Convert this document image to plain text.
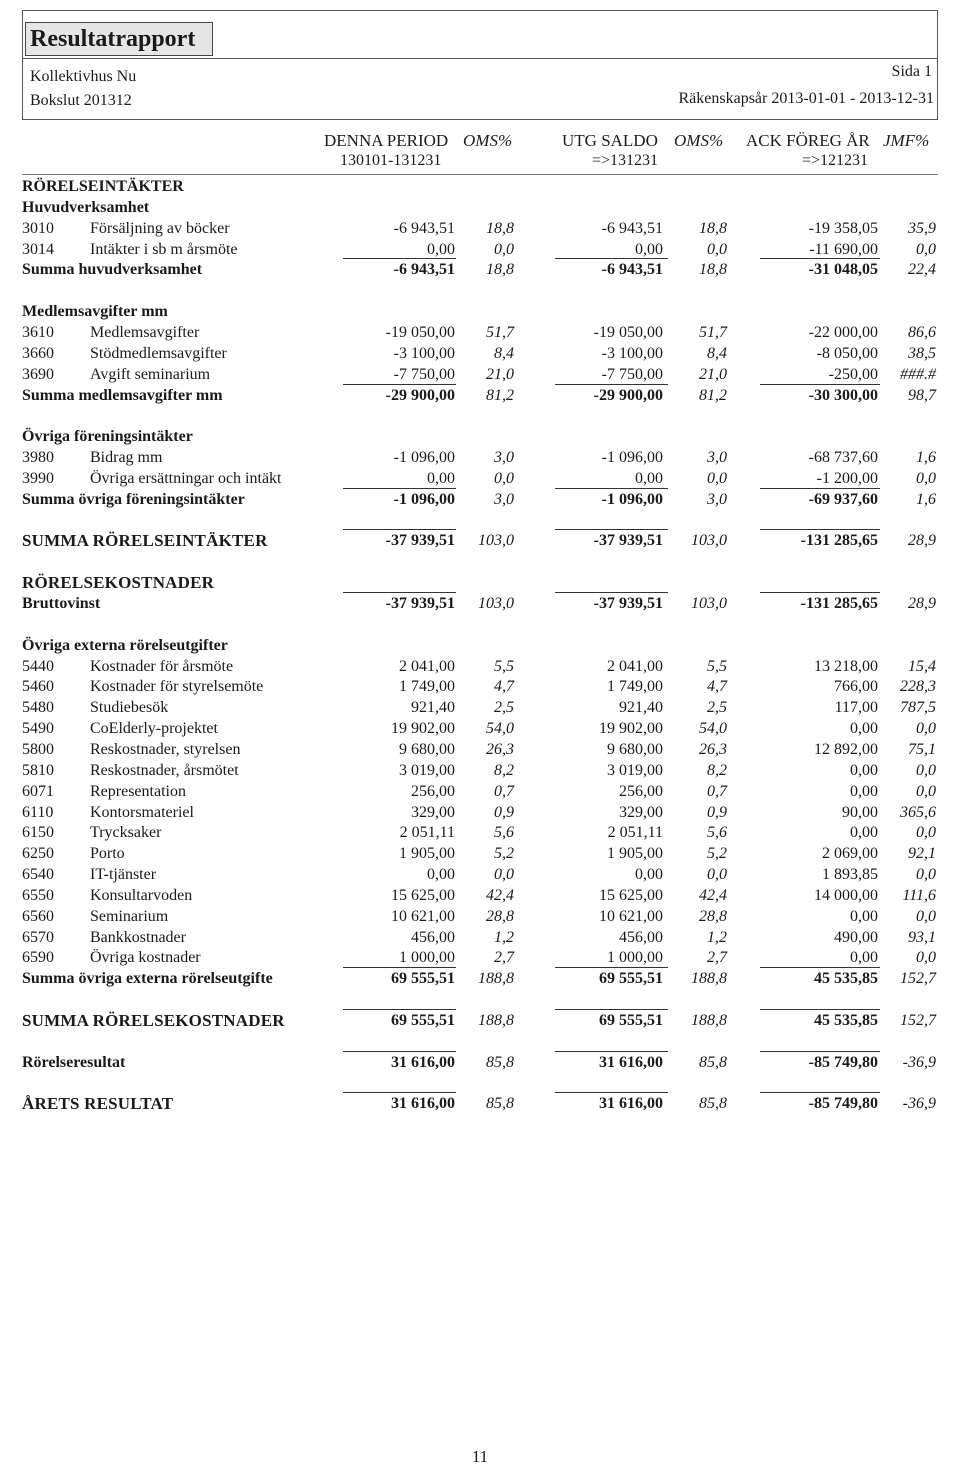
Resultatrapport
Kollektivhus Nu
Bokslut 201312
Sida 1
Räkenskapsår 2013-01-01 - 2013-12-31
DENNA PERIOD OMS%
130101-131231
UTG SALDO OMS%
=>131231
ACK FÖREG ÅR JMF%
=>121231
RÖRELSEINTÄKTER
Huvudverksamhet
3010 Försäljning av böcker	-6 943,51 18,8	-6 943,51 18,8	-19 358,05 35,9
3014 Intäkter i sb m årsmöte	0,00 0,0	0,00	0,0	-11 690,00 0,0
Summa huvudverksamhet	-6 943,51 18,8	-6 943,51 18,8	-31 048,05 22,4
Medlemsavgifter mm
3610 Medlemsavgifter	-19 050,00 51,7	-19 050,00 51,7	-22 000,00 86,6
3660 Stödmedlemsavgifter	-3 100,00 8,4	-3 100,00	8,4	-8 050,00 38,5
3690 Avgift seminarium	-7 750,00 21,0	-7 750,00 21,0	-250,00 ###.#
Summa medlemsavgifter mm	-29 900,00 81,2	-29 900,00 81,2	-30 300,00 98,7
Övriga föreningsintäkter
3980 Bidrag mm	-1 096,00 3,0	-1 096,00	3,0	-68 737,60 1,6
3990 Övriga ersättningar och intäkt	0,00 0,0	0,00	0,0	-1 200,00 0,0
Summa övriga föreningsintäkter	-1 096,00 3,0	-1 096,00	3,0	-69 937,60 1,6
SUMMA RÖRELSEINTÄKTER	-37 939,51 103,0	-37 939,51 103,0	-131 285,65 28,9
RÖRELSEKOSTNADER
Bruttovinst	-37 939,51 103,0	-37 939,51 103,0	-131 285,65 28,9
Övriga externa rörelseutgifter
5440 Kostnader för årsmöte	2 041,00 5,5	2 041,00	5,5	13 218,00 15,4
5460 Kostnader för styrelsemöte	1 749,00 4,7	1 749,00	4,7	766,00 228,3
5480 Studiebesök	921,40 2,5	921,40	2,5	117,00 787,5
5490 CoElderly-projektet	19 902,00 54,0	19 902,00 54,0	0,00 0,0
5800 Reskostnader, styrelsen	9 680,00 26,3	9 680,00 26,3	12 892,00 75,1
5810 Reskostnader, årsmötet	3 019,00 8,2	3 019,00	8,2	0,00 0,0
6071 Representation	256,00 0,7	256,00	0,7	0,00 0,0
6110 Kontorsmateriel	329,00 0,9	329,00	0,9	90,00 365,6
6150 Trycksaker	2 051,11 5,6	2 051,11	5,6	0,00 0,0
6250 Porto	1 905,00 5,2	1 905,00	5,2	2 069,00 92,1
6540 IT-tjänster	0,00 0,0	0,00	0,0	1 893,85 0,0
6550 Konsultarvoden	15 625,00 42,4	15 625,00 42,4	14 000,00 111,6
6560 Seminarium	10 621,00 28,8	10 621,00 28,8	0,00 0,0
6570 Bankkostnader	456,00 1,2	456,00	1,2	490,00 93,1
6590 Övriga kostnader	1 000,00 2,7	1 000,00	2,7	0,00 0,0
Summa övriga externa rörelseutgifte	69 555,51 188,8	69 555,51 188,8	45 535,85 152,7
SUMMA RÖRELSEKOSTNADER	69 555,51 188,8	69 555,51 188,8	45 535,85 152,7
Rörelseresultat	31 616,00 85,8	31 616,00 85,8	-85 749,80 -36,9
ÅRETS RESULTAT	31 616,00 85,8	31 616,00 85,8	-85 749,80 -36,9
11
